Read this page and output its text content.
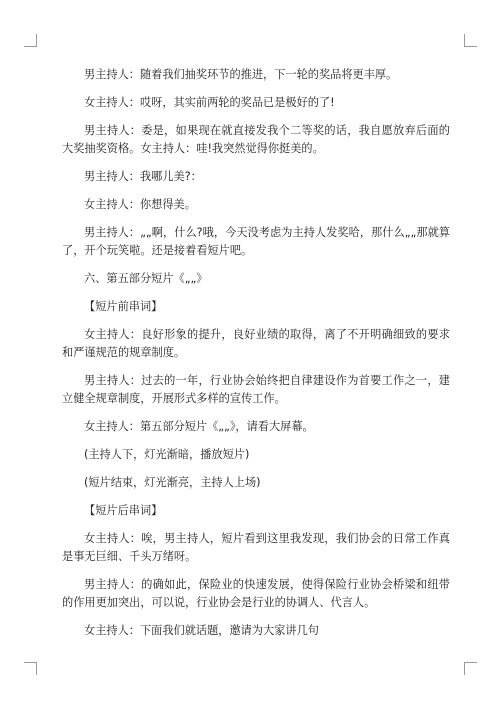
男主持人：随着我们抽奖环节的推进，下一轮的奖品将更丰厚。

女主持人：哎呀，其实前两轮的奖品已是极好的了!

男主持人：委是，如果现在就直接发我个二等奖的话，我自愿放弃后面的大奖抽奖资格。女主持人：哇!我突然觉得你挺美的。

男主持人：我哪儿美?：

女主持人：你想得美。

男主持人：„„啊，什么?哦，今天没考虑为主持人发奖哈，那什么„„那就算了，开个玩笑啦。还是接着看短片吧。

六、第五部分短片《„„》

【短片前串词】

女主持人：良好形象的提升，良好业绩的取得，离了不开明确细致的要求和严谨规范的规章制度。

男主持人：过去的一年，行业协会始终把自律建设作为首要工作之一，建立健全规章制度，开展形式多样的宣传工作。

女主持人：第五部分短片《„„》，请看大屏幕。

(主持人下，灯光渐暗，播放短片)

(短片结束，灯光渐亮，主持人上场)

【短片后串词】

女主持人：唉，男主持人，短片看到这里我发现，我们协会的日常工作真是事无巨细、千头万绪呀。

男主持人：的确如此，保险业的快速发展，使得保险行业协会桥梁和纽带的作用更加突出，可以说，行业协会是行业的协调人、代言人。

女主持人：下面我们就话题，邀请为大家讲几句
